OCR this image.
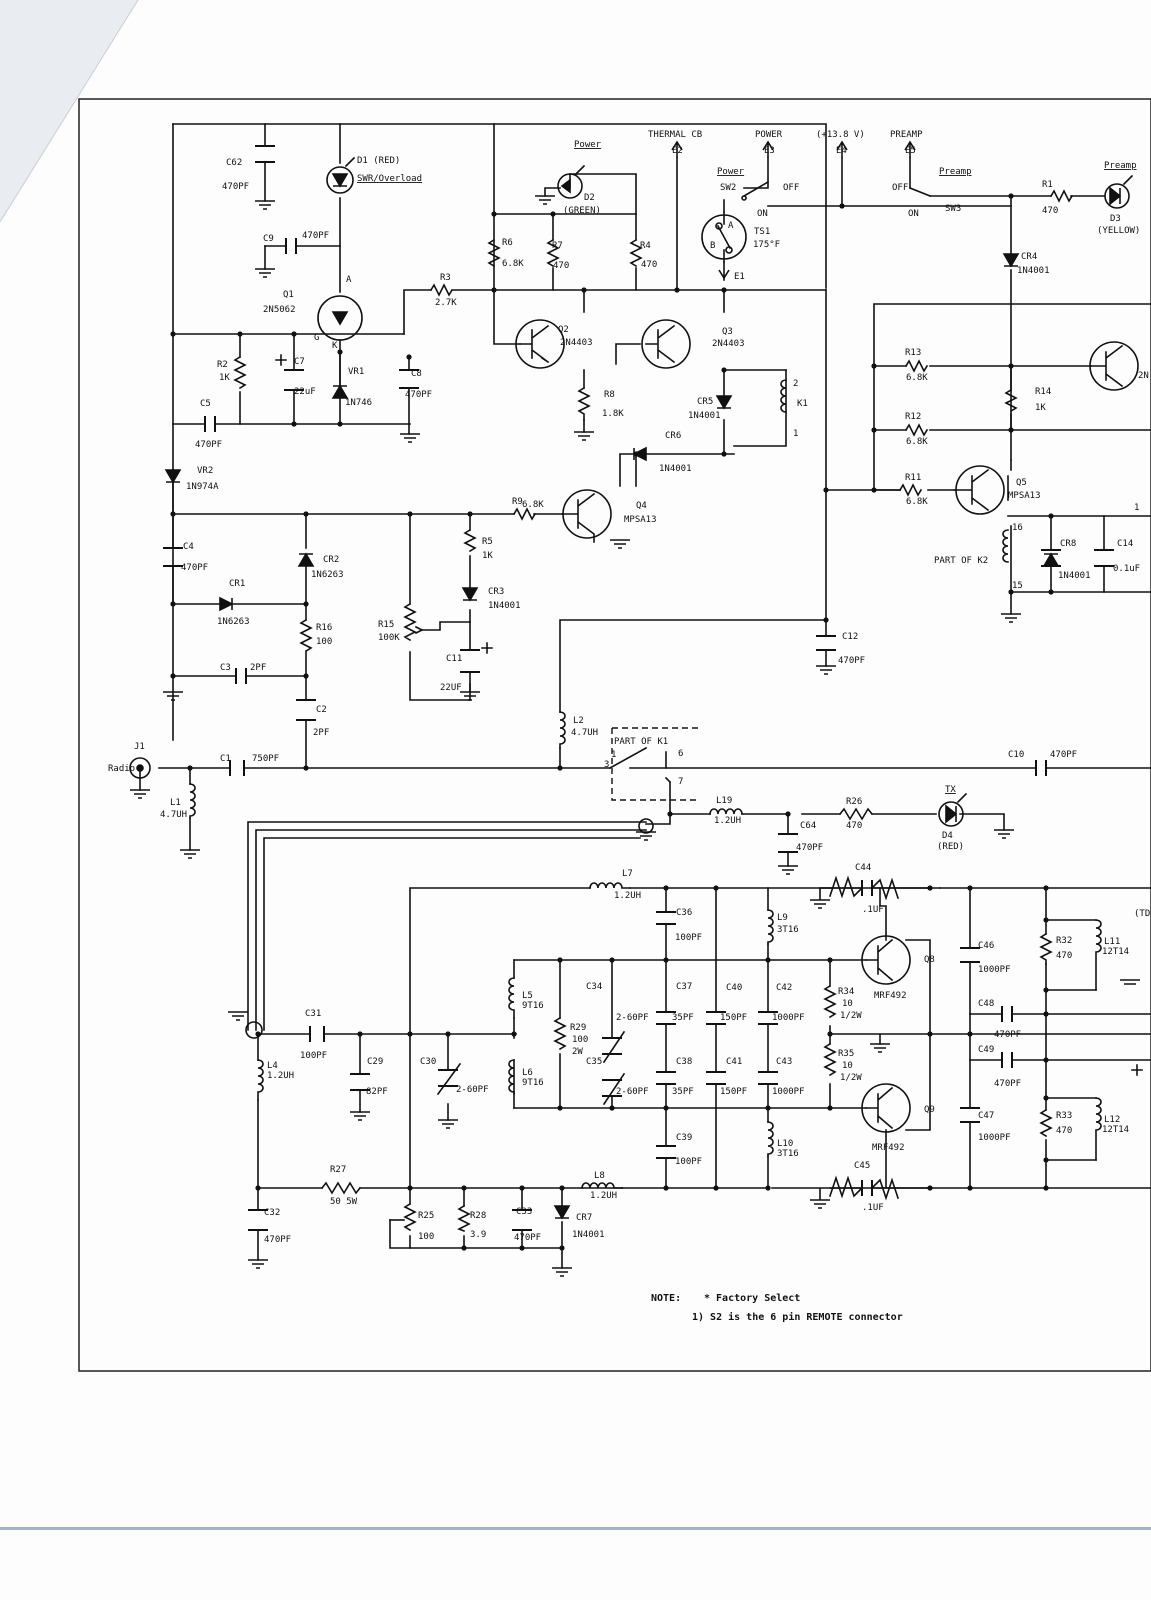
C62
470PF
D1 (RED)
SWR/Overload
C9	470PF
Q1
2N5062
R2
1K
C7
22uF
VR1
1N746
C8
470PF
C5
470PF
VR2
1N974A
C4
470PF
CR1
1N6263
CR2
1N6263
R16
100
C3 2PF
C2
2PF
J1
Radio
C1 750PF
L1
4.7UH
D2
(GREEN)
R6
6.8K
R7
470
R4
470
R3
2.7K
Q2
2N4403
Q3
2N4403
R8
1.8K
CR5
1N4001
CR6
1N4001
K1
R9 6.8K	Q4
MPSA13
R5
1K
CR3
1N4001
R15
100K
C11
22UF
C12
470PF
L2
4.7UH
TS1
175°F
SW2	OFF
ON	SW3
OFF
ON
R1
470
D3
(YELLOW)
CR4
1N4001
R13
6.8K
R14
1K
R12
6.8K
R11
6.8K
Q5
MPSA13
CR8
1N4001
C14
0.1uF
C10	470PF
L19
1.2UH
R26
470
D4
(RED)
C64
470PF
L7
1.2UH
C44
.1UF
C36
100PF
L9
3T16
L5
9T16
L6
9T16
C34
2-60PF
C37
35PF
C40
150PF
C42
1000PF
R34
10
1/2W
Q8
MRF492
Q9
MRF492
C46
1000PF
R32
470
L11
12T14
C48
470PF
C49
470PF
C31
100PF
C29
82PF
C30
2-60PF
R29
100
2W
C35
2-60PF
C38
35PF
C41
150PF
C43
1000PF
R35
10
1/2W
C47
1000PF
R33
470
L12
12T14
L4
1.2UH
C39
100PF
L10
3T16
C45
.1UF
R27
50 5W
L8
1.2UH
C32
470PF
R25
100
R28
3.9
C33
470PF
CR7
1N4001
THERMAL CB	POWER	(+13.8 V)	PREAMP
E2	E3	E4	E5
E1
Power
Power	Preamp
Preamp
TX
PART OF K1
PART OF K2
(TD
2N
2
1
3
6
7
1
16
15
1
A
G
K
A
B
NOTE: * Factory Select
1) S2 is the 6 pin REMOTE connector
